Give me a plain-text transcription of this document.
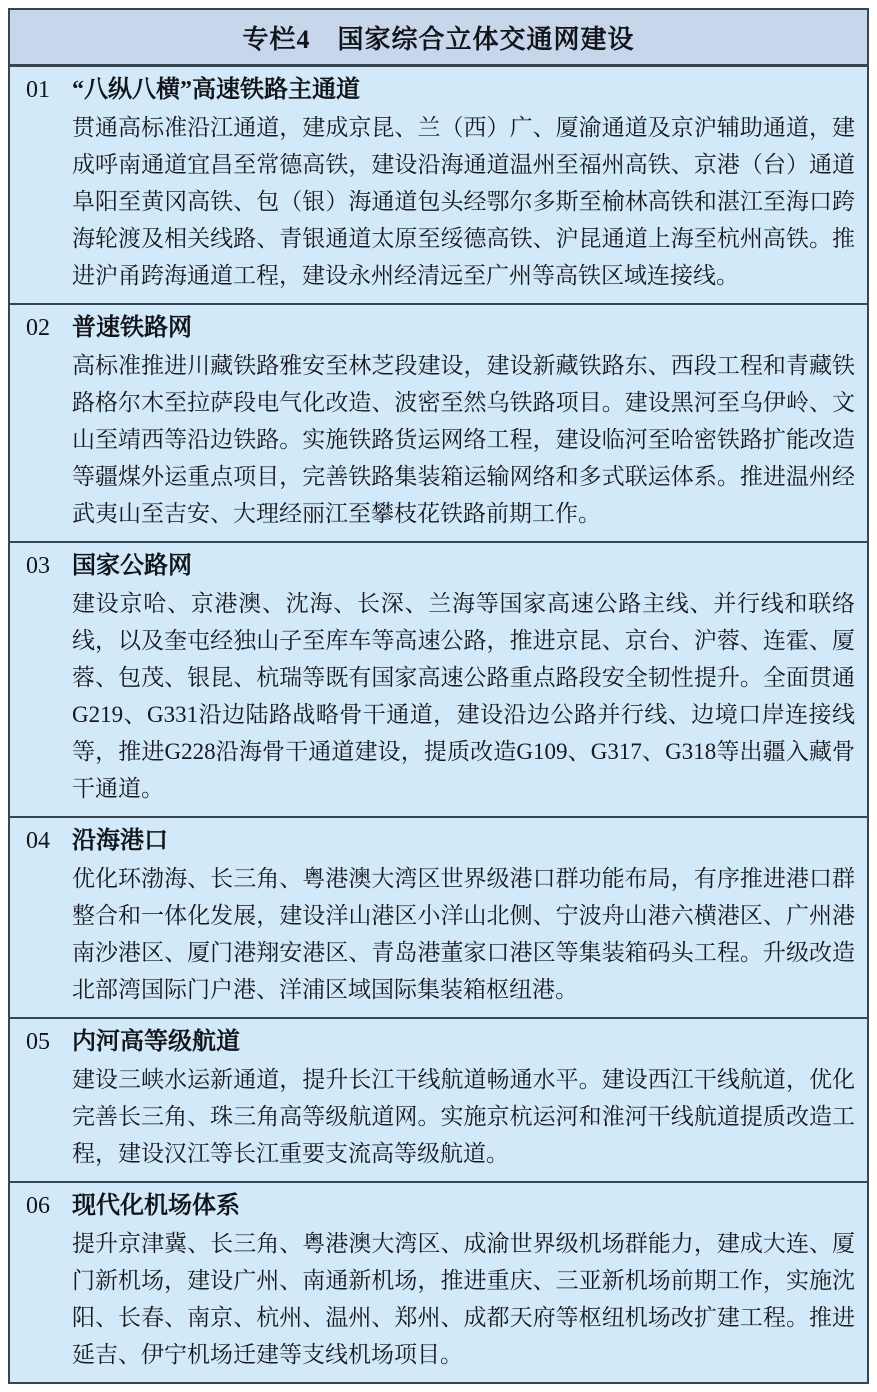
专栏4　国家综合立体交通网建设
01 “八纵八横”高速铁路主通道
贯通高标准沿江通道，建成京昆、兰（西）广、厦渝通道及京沪辅助通道，建成呼南通道宜昌至常德高铁，建设沿海通道温州至福州高铁、京港（台）通道阜阳至黄冈高铁、包（银）海通道包头经鄂尔多斯至榆林高铁和湛江至海口跨海轮渡及相关线路、青银通道太原至绥德高铁、沪昆通道上海至杭州高铁。推进沪甬跨海通道工程，建设永州经清远至广州等高铁区域连接线。
02 普速铁路网
高标准推进川藏铁路雅安至林芝段建设，建设新藏铁路东、西段工程和青藏铁路格尔木至拉萨段电气化改造、波密至然乌铁路项目。建设黑河至乌伊岭、文山至靖西等沿边铁路。实施铁路货运网络工程，建设临河至哈密铁路扩能改造等疆煤外运重点项目，完善铁路集装箱运输网络和多式联运体系。推进温州经武夷山至吉安、大理经丽江至攀枝花铁路前期工作。
03 国家公路网
建设京哈、京港澳、沈海、长深、兰海等国家高速公路主线、并行线和联络线，以及奎屯经独山子至库车等高速公路，推进京昆、京台、沪蓉、连霍、厦蓉、包茂、银昆、杭瑞等既有国家高速公路重点路段安全韧性提升。全面贯通G219、G331沿边陆路战略骨干通道，建设沿边公路并行线、边境口岸连接线等，推进G228沿海骨干通道建设，提质改造G109、G317、G318等出疆入藏骨干通道。
04 沿海港口
优化环渤海、长三角、粤港澳大湾区世界级港口群功能布局，有序推进港口群整合和一体化发展，建设洋山港区小洋山北侧、宁波舟山港六横港区、广州港南沙港区、厦门港翔安港区、青岛港董家口港区等集装箱码头工程。升级改造北部湾国际门户港、洋浦区域国际集装箱枢纽港。
05 内河高等级航道
建设三峡水运新通道，提升长江干线航道畅通水平。建设西江干线航道，优化完善长三角、珠三角高等级航道网。实施京杭运河和淮河干线航道提质改造工程，建设汉江等长江重要支流高等级航道。
06 现代化机场体系
提升京津冀、长三角、粤港澳大湾区、成渝世界级机场群能力，建成大连、厦门新机场，建设广州、南通新机场，推进重庆、三亚新机场前期工作，实施沈阳、长春、南京、杭州、温州、郑州、成都天府等枢纽机场改扩建工程。推进延吉、伊宁机场迁建等支线机场项目。
